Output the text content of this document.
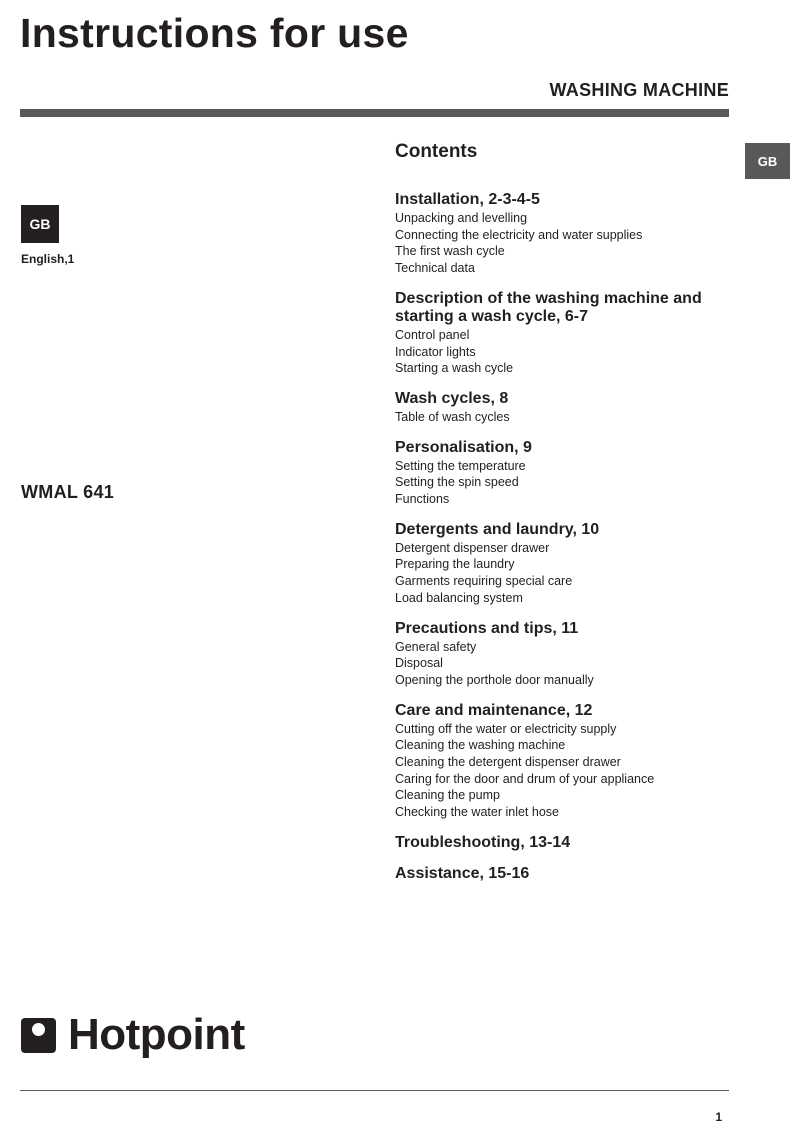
Instructions for use
WASHING MACHINE
GB
GB
English,1
WMAL 641
Contents
Installation, 2-3-4-5
Unpacking and levelling
Connecting the electricity and water supplies
The first wash cycle
Technical data
Description of the washing machine and starting a wash cycle, 6-7
Control panel
Indicator lights
Starting a wash cycle
Wash cycles, 8
Table of wash cycles
Personalisation, 9
Setting the temperature
Setting the spin speed
Functions
Detergents and laundry, 10
Detergent dispenser drawer
Preparing the laundry
Garments requiring special care
Load balancing system
Precautions and tips, 11
General safety
Disposal
Opening the porthole door manually
Care and maintenance, 12
Cutting off the water or electricity supply
Cleaning the washing machine
Cleaning the detergent dispenser drawer
Caring for the door and drum of your appliance
Cleaning the pump
Checking the water inlet hose
Troubleshooting, 13-14
Assistance, 15-16
Hotpoint
1
